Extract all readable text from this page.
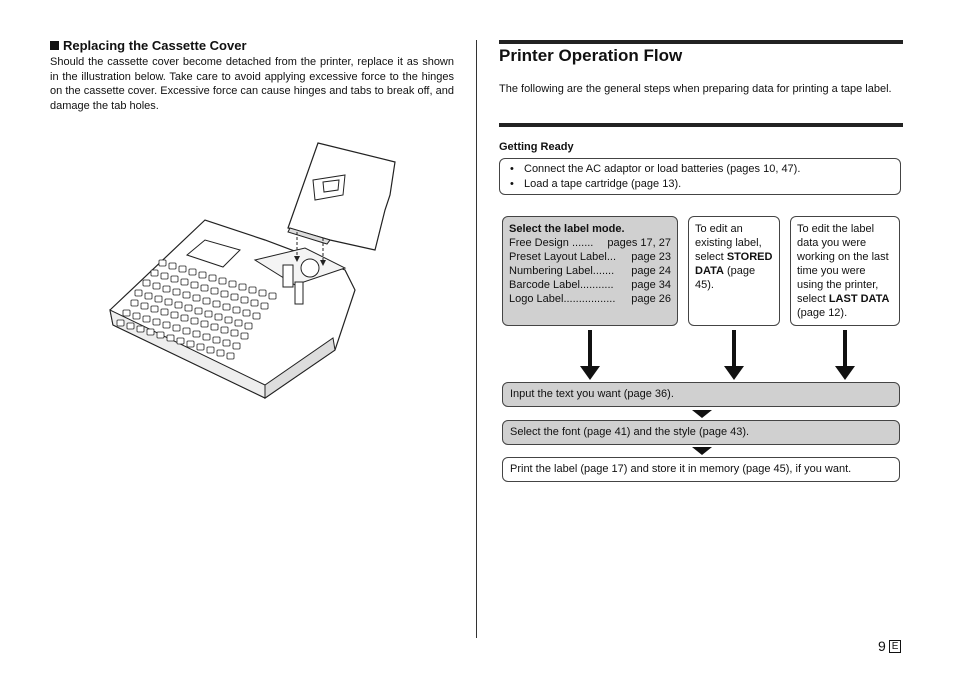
Replacing the Cassette Cover
Should the cassette cover become detached from the printer, replace it as shown in the illustration below. Take care to avoid applying excessive force to the hinges on the cassette cover. Excessive force can cause hinges and tabs to break off, and damage the tab holes.
Printer Operation Flow
The following are the general steps when preparing data for printing a tape label.
Getting Ready
• Connect the AC adaptor or load batteries (pages 10, 47).
• Load a tape cartridge (page 13).
Select the label mode.
Free Design ....... pages 17, 27
Preset Layout Label... page 23
Numbering Label....... page 24
Barcode Label........... page 34
Logo Label................. page 26
To edit an existing label, select STORED DATA (page 45).
To edit the label data you were working on the last time you were using the printer, select LAST DATA (page 12).
Input the text you want (page 36).
Select the font (page 41) and the style (page 43).
Print the label (page 17) and store it in memory (page 45), if you want.
9 E
